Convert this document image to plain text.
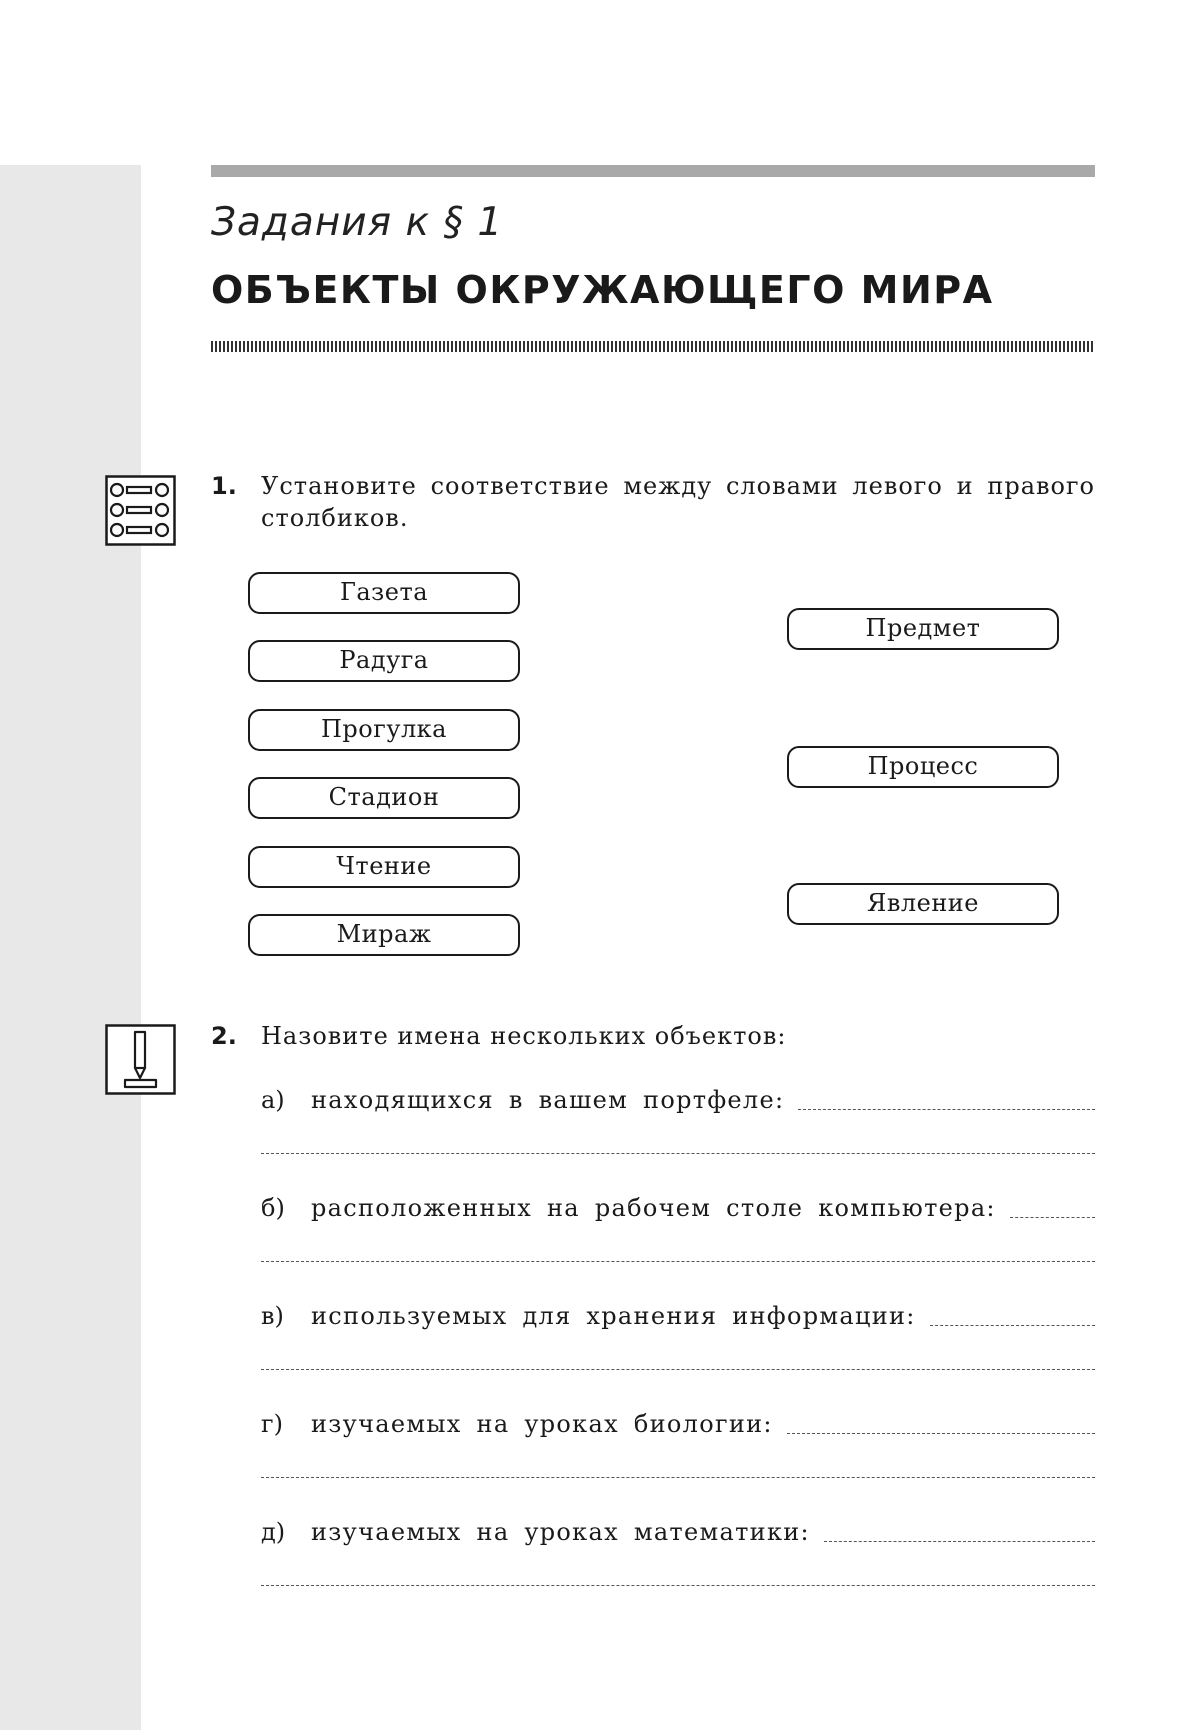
Задания к § 1
ОБЪЕКТЫ ОКРУЖАЮЩЕГО МИРА
1. Установите соответствие между словами левого и правого столбиков.

Газета
Радуга
Прогулка
Стадион
Чтение
Мираж
Предмет
Процесс
Явление
2. Назовите имена нескольких объектов:

а)	находящихся в вашем портфеле:
б)	расположенных на рабочем столе компьютера:
в)	используемых для хранения информации:
г)	изучаемых на уроках биологии:
д)	изучаемых на уроках математики:
